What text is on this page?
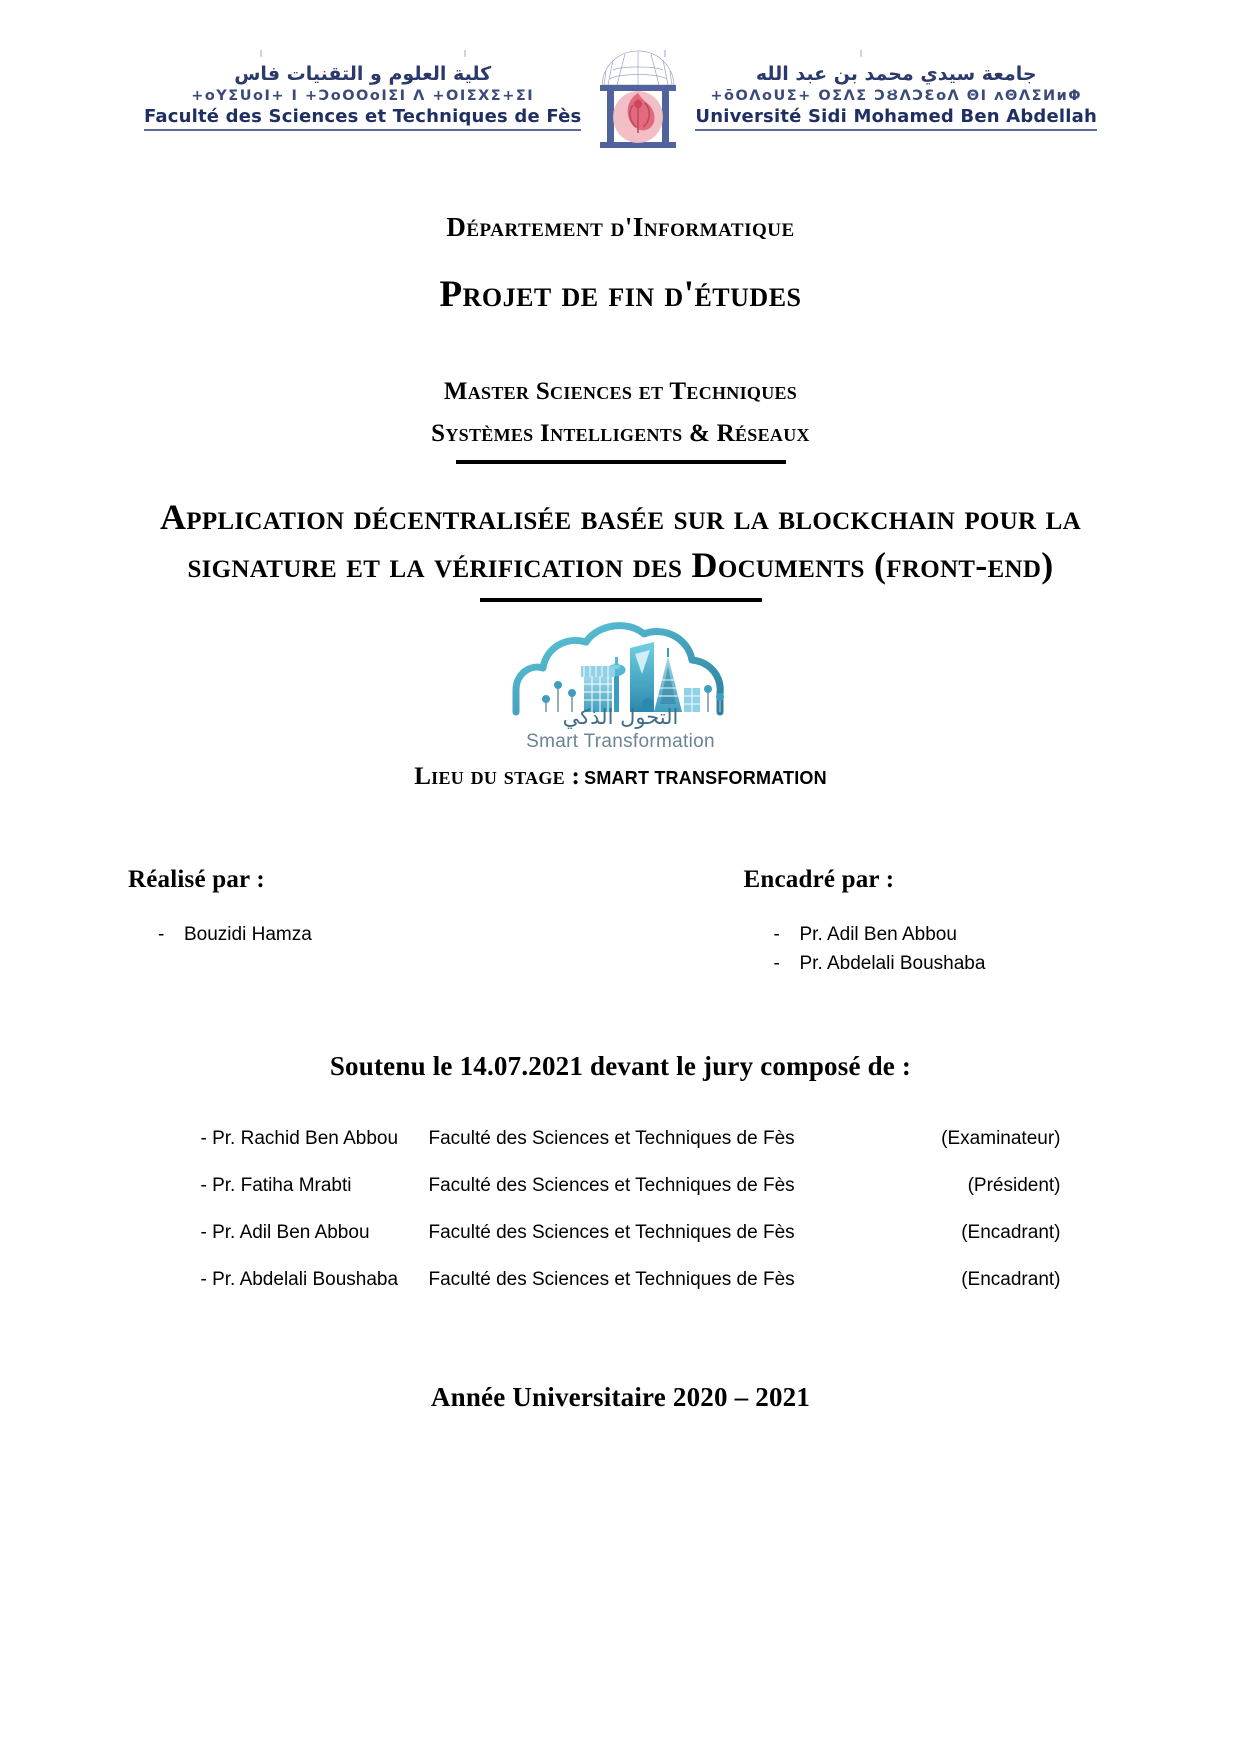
كلية العلوم و التقنيات فاس
+oYƩUoI+ I +ƆoOOoIƩI Λ +OIƩXƩ+ƩI
Faculté des Sciences et Techniques de Fès
جامعة سيدي محمد بن عبد الله
+ōOΛoUƩ+ OƩΛƩ ƆȢΛƆƐoΛ ΘI ʌΘΛƩИиΦ
Université Sidi Mohamed Ben Abdellah
Département d'Informatique
Projet de fin d'études
Master Sciences et Techniques
Systèmes Intelligents & Réseaux
Application décentralisée basée sur la blockchain pour la signature et la vérification des Documents (front-end)
التحول الذكي
Smart Transformation
Lieu du stage : SMART TRANSFORMATION
Réalisé par :
-	Bouzidi Hamza
Encadré par :
-	Pr. Adil Ben Abbou
-	Pr. Abdelali Boushaba
Soutenu le 14.07.2021 devant le jury composé de :
- Pr. Rachid Ben Abbou	Faculté des Sciences et Techniques de Fès	(Examinateur)
- Pr. Fatiha Mrabti	Faculté des Sciences et Techniques de Fès	(Président)
- Pr. Adil Ben Abbou	Faculté des Sciences et Techniques de Fès	(Encadrant)
- Pr. Abdelali Boushaba	Faculté des Sciences et Techniques de Fès	(Encadrant)
Année Universitaire 2020 – 2021
